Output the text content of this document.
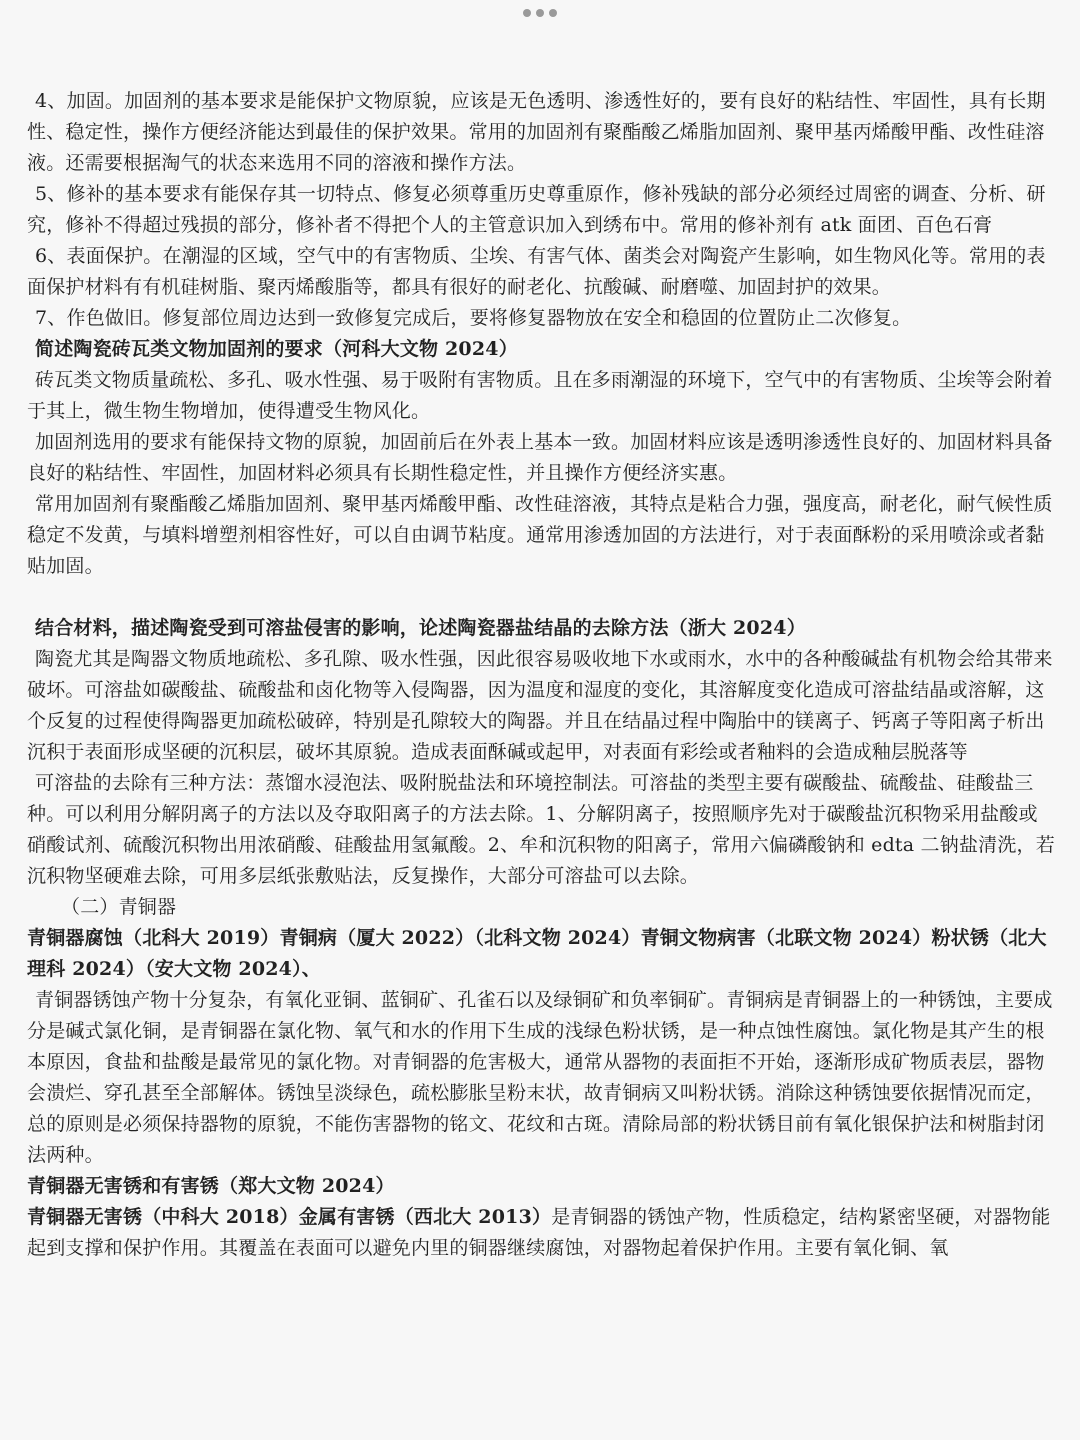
4、加固。加固剂的基本要求是能保护文物原貌，应该是无色透明、渗透性好的，要有良好的粘结性、牢固性，具有长期性、稳定性，操作方便经济能达到最佳的保护效果。常用的加固剂有聚酯酸乙烯脂加固剂、聚甲基丙烯酸甲酯、改性硅溶液。还需要根据淘气的状态来选用不同的溶液和操作方法。

5、修补的基本要求有能保存其一切特点、修复必须尊重历史尊重原作，修补残缺的部分必须经过周密的调查、分析、研究，修补不得超过残损的部分，修补者不得把个人的主管意识加入到绣布中。常用的修补剂有 atk 面团、百色石膏

6、表面保护。在潮湿的区域，空气中的有害物质、尘埃、有害气体、菌类会对陶瓷产生影响，如生物风化等。常用的表面保护材料有有机硅树脂、聚丙烯酸脂等，都具有很好的耐老化、抗酸碱、耐磨噬、加固封护的效果。

7、作色做旧。修复部位周边达到一致修复完成后，要将修复器物放在安全和稳固的位置防止二次修复。

简述陶瓷砖瓦类文物加固剂的要求（河科大文物 2024）

砖瓦类文物质量疏松、多孔、吸水性强、易于吸附有害物质。且在多雨潮湿的环境下，空气中的有害物质、尘埃等会附着于其上，微生物生物增加，使得遭受生物风化。

加固剂选用的要求有能保持文物的原貌，加固前后在外表上基本一致。加固材料应该是透明渗透性良好的、加固材料具备良好的粘结性、牢固性，加固材料必须具有长期性稳定性，并且操作方便经济实惠。

常用加固剂有聚酯酸乙烯脂加固剂、聚甲基丙烯酸甲酯、改性硅溶液，其特点是粘合力强，强度高，耐老化，耐气候性质稳定不发黄，与填料增塑剂相容性好，可以自由调节粘度。通常用渗透加固的方法进行，对于表面酥粉的采用喷涂或者黏贴加固。

结合材料，描述陶瓷受到可溶盐侵害的影响，论述陶瓷器盐结晶的去除方法（浙大 2024）

陶瓷尤其是陶器文物质地疏松、多孔隙、吸水性强，因此很容易吸收地下水或雨水，水中的各种酸碱盐有机物会给其带来破坏。可溶盐如碳酸盐、硫酸盐和卤化物等入侵陶器，因为温度和湿度的变化，其溶解度变化造成可溶盐结晶或溶解，这个反复的过程使得陶器更加疏松破碎，特别是孔隙较大的陶器。并且在结晶过程中陶胎中的镁离子、钙离子等阳离子析出沉积于表面形成坚硬的沉积层，破坏其原貌。造成表面酥碱或起甲，对表面有彩绘或者釉料的会造成釉层脱落等

可溶盐的去除有三种方法：蒸馏水浸泡法、吸附脱盐法和环境控制法。可溶盐的类型主要有碳酸盐、硫酸盐、硅酸盐三种。可以利用分解阴离子的方法以及夺取阳离子的方法去除。1、分解阴离子，按照顺序先对于碳酸盐沉积物采用盐酸或硝酸试剂、硫酸沉积物出用浓硝酸、硅酸盐用氢氟酸。2、牟和沉积物的阳离子，常用六偏磷酸钠和 edta 二钠盐清洗，若沉积物坚硬难去除，可用多层纸张敷贴法，反复操作，大部分可溶盐可以去除。

（二）青铜器

青铜器腐蚀（北科大 2019）青铜病（厦大 2022）（北科文物 2024）青铜文物病害（北联文物 2024）粉状锈（北大理科 2024）（安大文物 2024）、

青铜器锈蚀产物十分复杂，有氧化亚铜、蓝铜矿、孔雀石以及绿铜矿和负率铜矿。青铜病是青铜器上的一种锈蚀，主要成分是碱式氯化铜，是青铜器在氯化物、氧气和水的作用下生成的浅绿色粉状锈，是一种点蚀性腐蚀。氯化物是其产生的根本原因，食盐和盐酸是最常见的氯化物。对青铜器的危害极大，通常从器物的表面拒不开始，逐渐形成矿物质表层，器物会溃烂、穿孔甚至全部解体。锈蚀呈淡绿色，疏松膨胀呈粉末状，故青铜病又叫粉状锈。消除这种锈蚀要依据情况而定，总的原则是必须保持器物的原貌，不能伤害器物的铭文、花纹和古斑。清除局部的粉状锈目前有氧化银保护法和树脂封闭法两种。

青铜器无害锈和有害锈（郑大文物 2024）

青铜器无害锈（中科大 2018）金属有害锈（西北大 2013）是青铜器的锈蚀产物，性质稳定，结构紧密坚硬，对器物能起到支撑和保护作用。其覆盖在表面可以避免内里的铜器继续腐蚀，对器物起着保护作用。主要有氧化铜、氧
